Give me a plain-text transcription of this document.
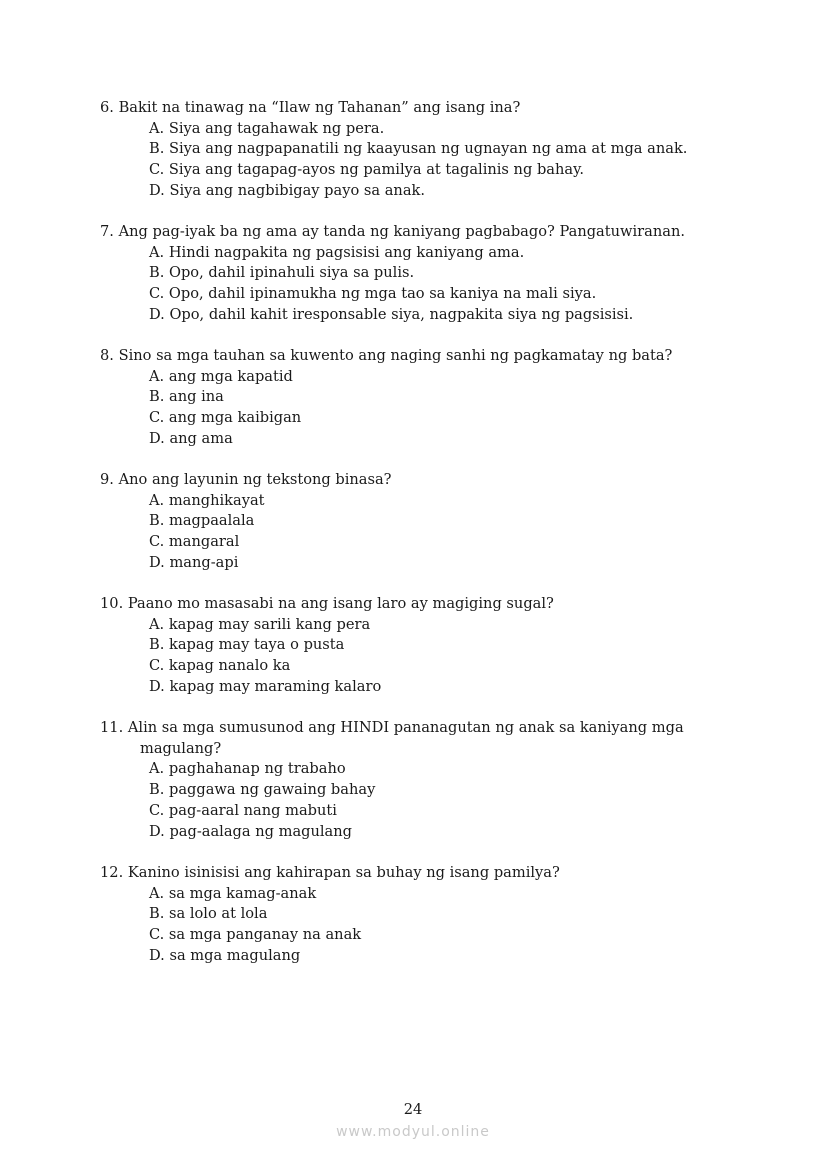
6. Bakit na tinawag na “Ilaw ng Tahanan” ang isang ina?

A. Siya ang tagahawak ng pera.
B. Siya ang nagpapanatili ng kaayusan ng ugnayan ng ama at mga anak.
C. Siya ang tagapag-ayos ng pamilya at tagalinis ng bahay.
D. Siya ang nagbibigay payo sa anak.

7. Ang pag-iyak ba ng ama ay tanda ng kaniyang pagbabago? Pangatuwiranan.

A. Hindi nagpakita ng pagsisisi ang kaniyang ama.
B. Opo, dahil ipinahuli siya sa pulis.
C. Opo, dahil ipinamukha ng mga tao sa kaniya na mali siya.
D. Opo, dahil kahit iresponsable siya, nagpakita siya ng pagsisisi.

8. Sino sa mga tauhan sa kuwento ang naging sanhi ng pagkamatay ng bata?

A. ang mga kapatid
B. ang ina
C. ang mga kaibigan
D. ang ama

9. Ano ang layunin ng tekstong binasa?

A. manghikayat
B. magpaalala
C. mangaral
D. mang-api

10. Paano mo masasabi na ang isang laro ay magiging sugal?

A. kapag may sarili kang pera
B. kapag may taya o pusta
C. kapag nanalo ka
D. kapag may maraming kalaro

11. Alin sa mga sumusunod ang HINDI pananagutan ng anak sa kaniyang mga
magulang?

A. paghahanap ng trabaho
B. paggawa ng gawaing bahay
C. pag-aaral nang mabuti
D. pag-aalaga ng magulang

12. Kanino isinisisi ang kahirapan sa buhay ng isang pamilya?

A. sa mga kamag-anak
B. sa lolo at lola
C. sa mga panganay na anak
D. sa mga magulang
24
www.modyul.online
